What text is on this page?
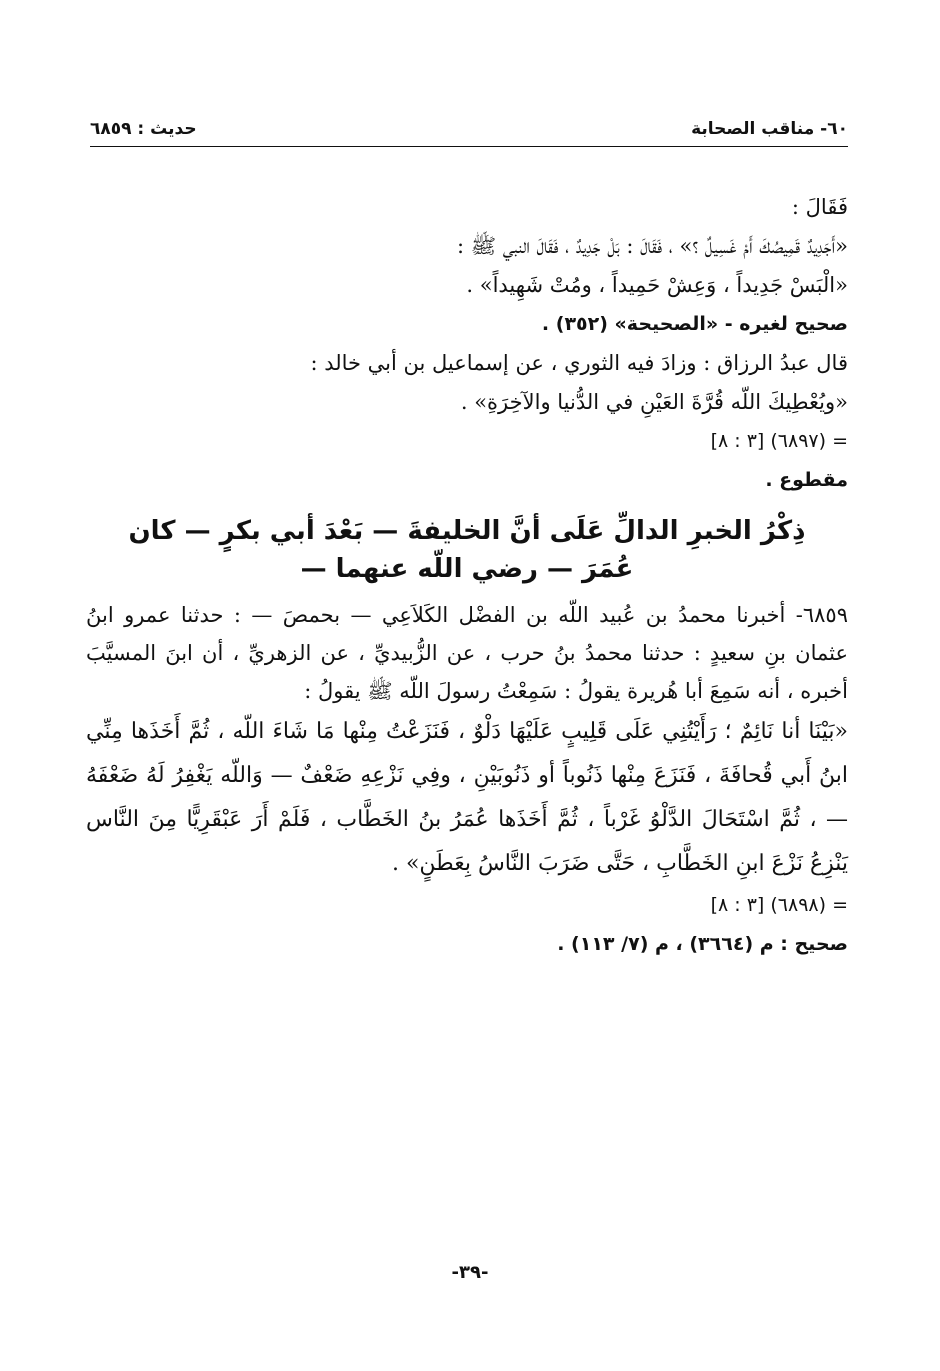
٦٠- مناقب الصحابة
حديث : ٦٨٥٩

فَقَالَ :

«أَجَدِيدٌ قَمِيصُكَ أَمْ غَسِيلٌ ؟» ، فَقَالَ : بَلْ جَدِيدٌ ، فَقَالَ النبي ﷺ :

«الْبَسْ جَدِيداً ، وَعِشْ حَمِيداً ، ومُتْ شَهِيداً» .

صحيح لغيره - «الصحيحة» (٣٥٢) .

قال عبدُ الرزاق : وزادَ فيه الثوري ، عن إسماعيل بن أبي خالد :

«ويُعْطِيكَ اللّه قُرَّةَ العَيْنِ في الدُّنيا والآخِرَةِ» .

= (٦٨٩٧) [٣ : ٨]

مقطوع .

ذِكْرُ الخبرِ الدالِّ عَلَى أنَّ الخليفةَ — بَعْدَ أبي بكرٍ — كان

عُمَرَ — رضي اللّه عنهما —

٦٨٥٩- أخبرنا محمدُ بن عُبيد اللّه بن الفضْل الكَلاَعِي — بحمصَ — : حدثنا عمرو ابنُ عثمان بنِ سعيدٍ : حدثنا محمدُ بنُ حرب ، عن الزُّبيديِّ ، عن الزهريِّ ، أن ابنَ المسيَّبَ أخبره ، أنه سَمِعَ أبا هُريرة يقولُ : سَمِعْتُ رسولَ اللّه ﷺ يقولُ :

«بَيْنَا أنا نَائِمٌ ؛ رَأَيْتُنِي عَلَى قَلِيبٍ عَلَيْهَا دَلْوٌ ، فَنَزَعْتُ مِنْها مَا شَاءَ اللّه ، ثُمَّ أَخَذَها مِنِّي ابنُ أَبي قُحافَةَ ، فَنَزَعَ مِنْها ذَنُوباً أو ذَنُوبَيْنِ ، وفِي نَزْعِهِ ضَعْفٌ — وَاللّه يَغْفِرُ لَهُ ضَعْفَهُ — ، ثُمَّ اسْتَحَالَ الدَّلْوُ غَرْباً ، ثُمَّ أَخَذَها عُمَرُ بنُ الخَطَّاب ، فَلَمْ أَرَ عَبْقَرِيًّا مِنَ النَّاس يَنْزِعُ نَزْعَ ابنِ الخَطَّابِ ، حَتَّى ضَرَبَ النَّاسُ بِعَطَنٍ» .

= (٦٨٩٨) [٣ : ٨]

صحيح : م (٣٦٦٤) ، م (٧/ ١١٣) .

-٣٩-
